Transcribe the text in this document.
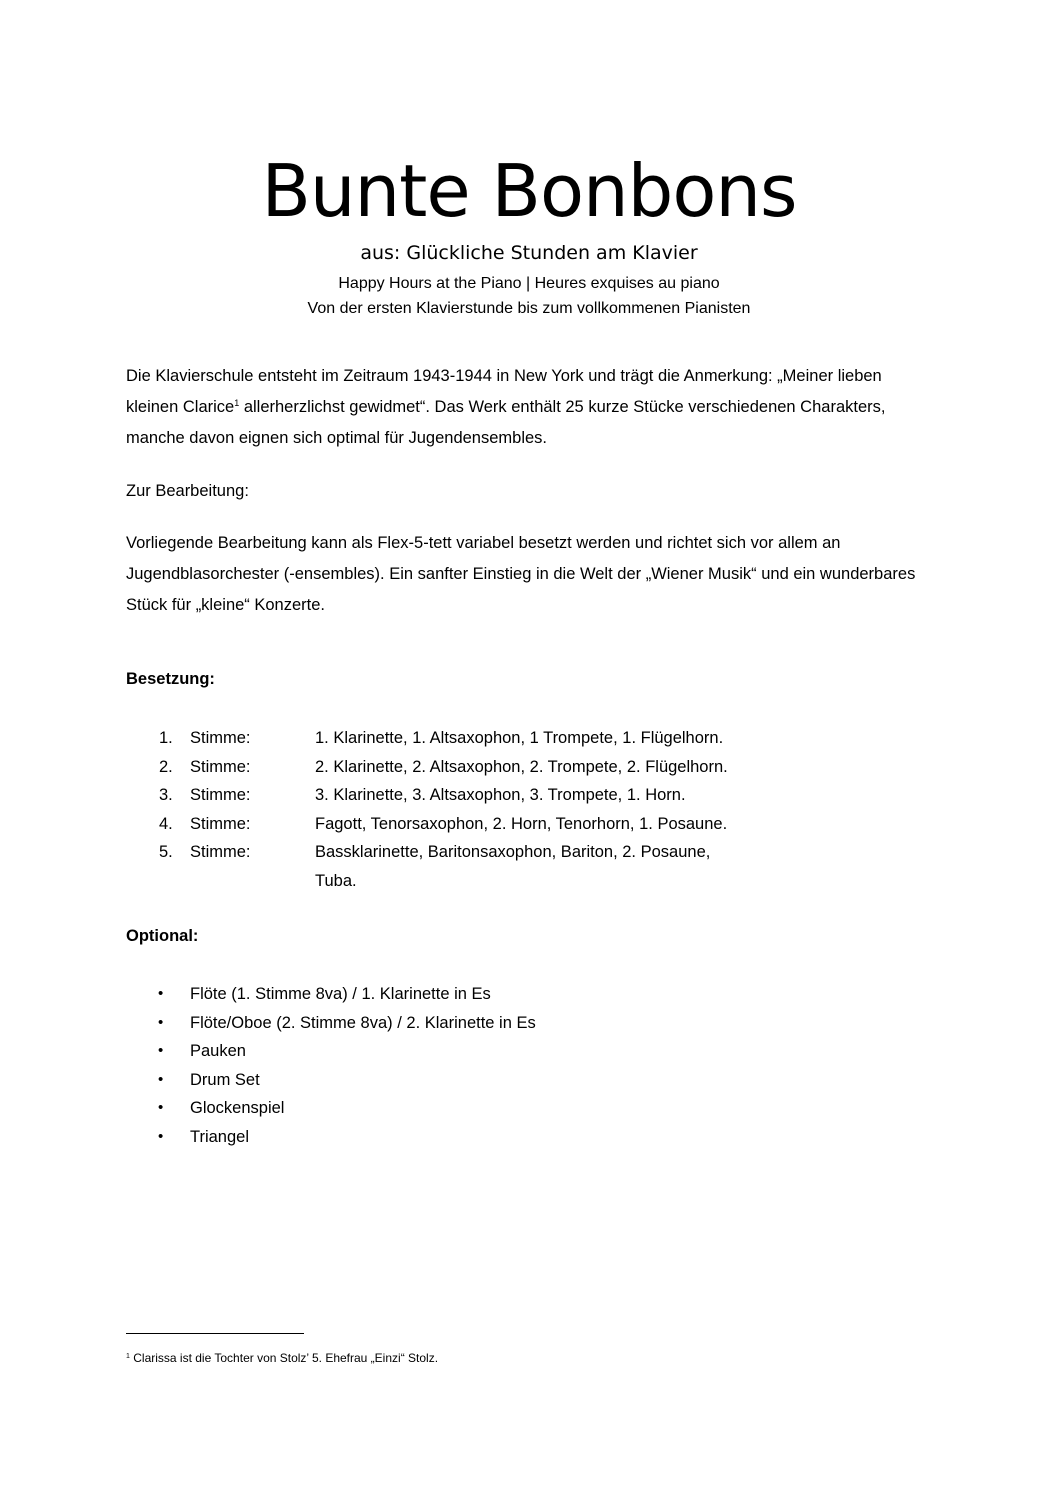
Bunte Bonbons
aus: Glückliche Stunden am Klavier
Happy Hours at the Piano | Heures exquises au piano
Von der ersten Klavierstunde bis zum vollkommenen Pianisten

Die Klavierschule entsteht im Zeitraum 1943-1944 in New York und trägt die Anmerkung: „Meiner lieben kleinen Clarice$^1$ allerherzlichst gewidmet“. Das Werk enthält 25 kurze Stücke verschiedenen Charakters, manche davon eignen sich optimal für Jugendensembles.

Zur Bearbeitung:

Vorliegende Bearbeitung kann als Flex-5-tett variabel besetzt werden und richtet sich vor allem an Jugendblasorchester (-ensembles). Ein sanfter Einstieg in die Welt der „Wiener Musik“ und ein wunderbares Stück für „kleine“ Konzerte.

Besetzung:
1.	Stimme:	1. Klarinette, 1. Altsaxophon, 1 Trompete, 1. Flügelhorn.
2.	Stimme:	2. Klarinette, 2. Altsaxophon, 2. Trompete, 2. Flügelhorn.
3.	Stimme:	3. Klarinette, 3. Altsaxophon, 3. Trompete, 1. Horn.
4.	Stimme:	Fagott, Tenorsaxophon, 2. Horn, Tenorhorn, 1. Posaune.
5.	Stimme:	Bassklarinette, Baritonsaxophon, Bariton, 2. Posaune, Tuba.
Optional:
•	Flöte (1. Stimme 8va) / 1. Klarinette in Es
•	Flöte/Oboe (2. Stimme 8va) / 2. Klarinette in Es
•	Pauken
•	Drum Set
•	Glockenspiel
•	Triangel
$^1$ Clarissa ist die Tochter von Stolz’ 5. Ehefrau „Einzi“ Stolz.
